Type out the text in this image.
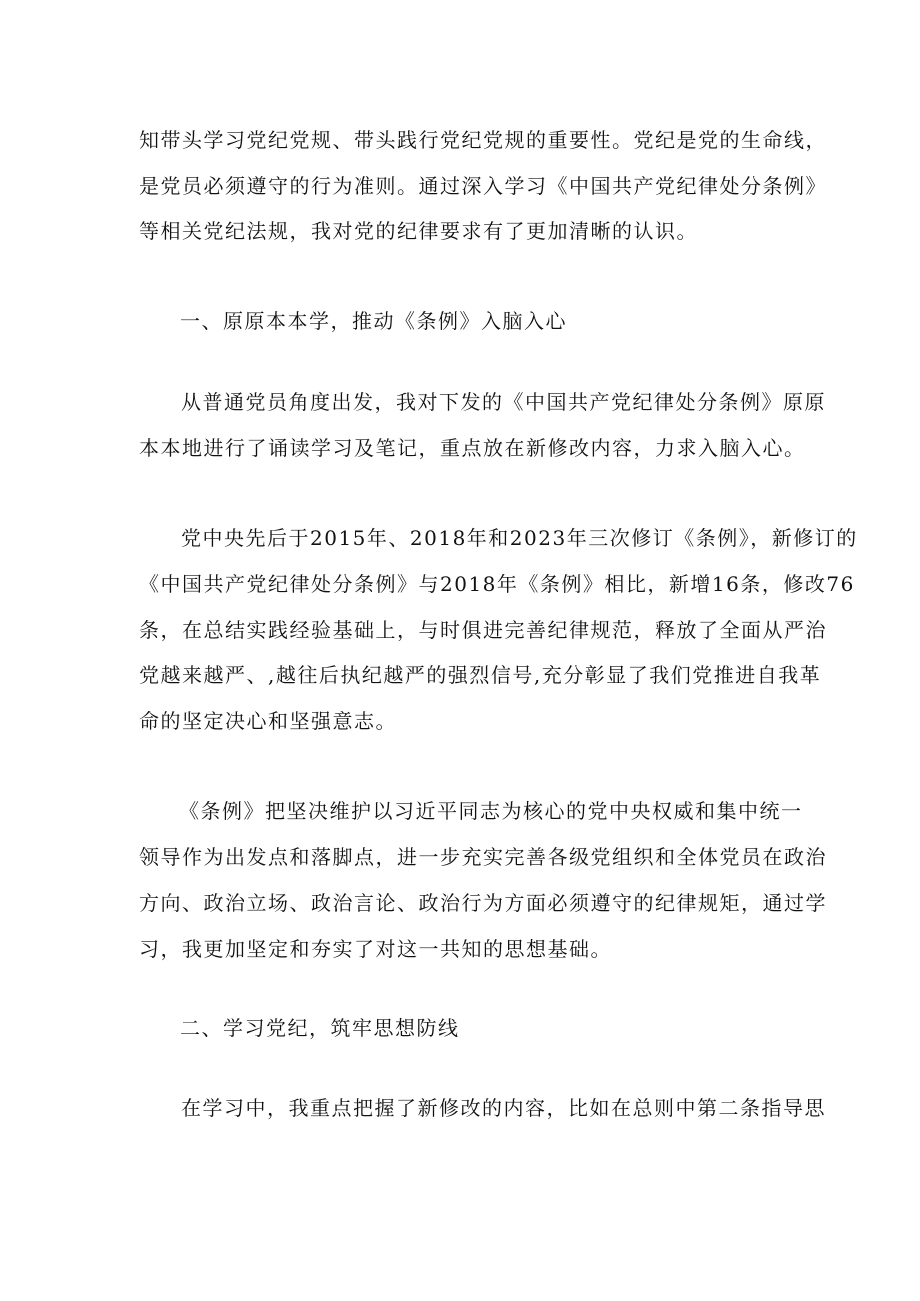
知带头学习党纪党规、带头践行党纪党规的重要性。党纪是党的生命线，
是党员必须遵守的行为准则。通过深入学习《中国共产党纪律处分条例》
等相关党纪法规，我对党的纪律要求有了更加清晰的认识。
一、原原本本学，推动《条例》入脑入心
从普通党员角度出发，我对下发的《中国共产党纪律处分条例》原原
本本地进行了诵读学习及笔记，重点放在新修改内容，力求入脑入心。
党中央先后于2015年、2018年和2023年三次修订《条例》，新修订的
《中国共产党纪律处分条例》与2018年《条例》相比，新增16条，修改76
条，在总结实践经验基础上，与时俱进完善纪律规范，释放了全面从严治
党越来越严、,越往后执纪越严的强烈信号,充分彰显了我们党推进自我革
命的坚定决心和坚强意志。
《条例》把坚决维护以习近平同志为核心的党中央权威和集中统一
领导作为出发点和落脚点，进一步充实完善各级党组织和全体党员在政治
方向、政治立场、政治言论、政治行为方面必须遵守的纪律规矩，通过学
习，我更加坚定和夯实了对这一共知的思想基础。
二、学习党纪，筑牢思想防线
在学习中，我重点把握了新修改的内容，比如在总则中第二条指导思
